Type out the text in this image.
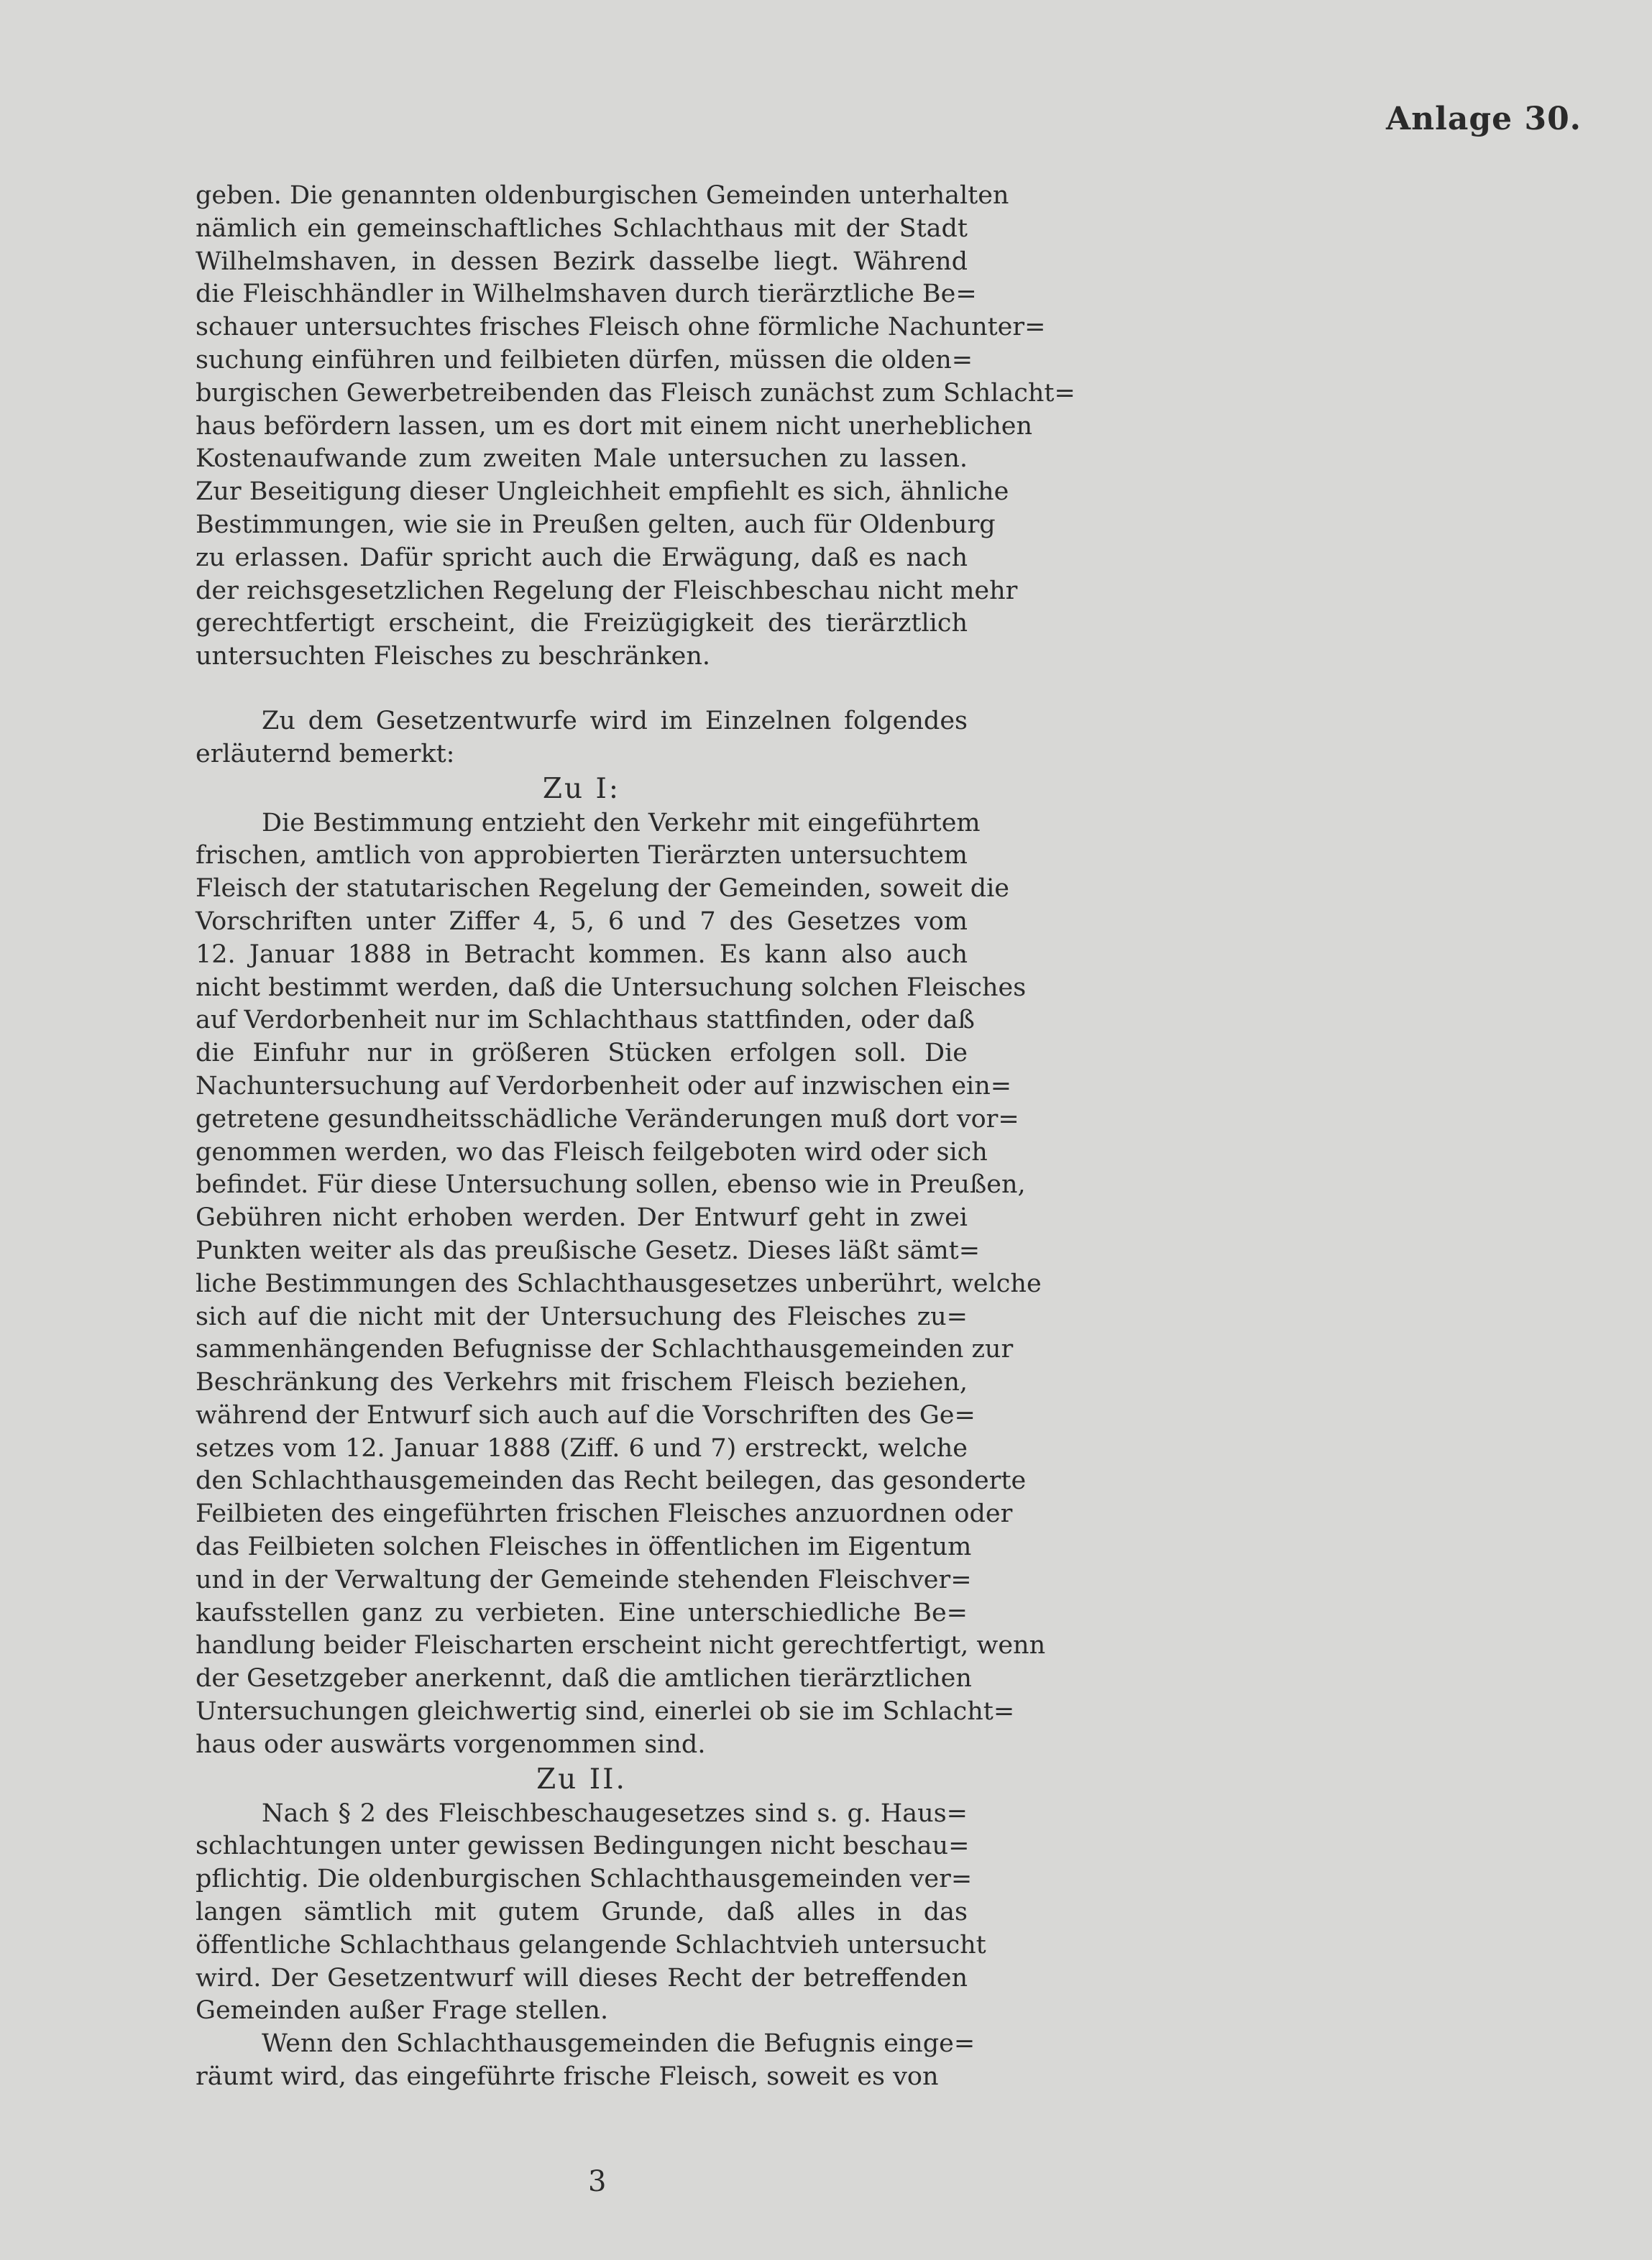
Anlage 30.
geben. Die genannten oldenburgischen Gemeinden unterhalten
nämlich ein gemeinschaftliches Schlachthaus mit der Stadt
Wilhelmshaven, in dessen Bezirk dasselbe liegt. Während
die Fleischhändler in Wilhelmshaven durch tierärztliche Be=
schauer untersuchtes frisches Fleisch ohne förmliche Nachunter=
suchung einführen und feilbieten dürfen, müssen die olden=
burgischen Gewerbetreibenden das Fleisch zunächst zum Schlacht=
haus befördern lassen, um es dort mit einem nicht unerheblichen
Kostenaufwande zum zweiten Male untersuchen zu lassen.
Zur Beseitigung dieser Ungleichheit empfiehlt es sich, ähnliche
Bestimmungen, wie sie in Preußen gelten, auch für Oldenburg
zu erlassen. Dafür spricht auch die Erwägung, daß es nach
der reichsgesetzlichen Regelung der Fleischbeschau nicht mehr
gerechtfertigt erscheint, die Freizügigkeit des tierärztlich
untersuchten Fleisches zu beschränken.
Zu dem Gesetzentwurfe wird im Einzelnen folgendes
erläuternd bemerkt:
Zu I:
Die Bestimmung entzieht den Verkehr mit eingeführtem
frischen, amtlich von approbierten Tierärzten untersuchtem
Fleisch der statutarischen Regelung der Gemeinden, soweit die
Vorschriften unter Ziffer 4, 5, 6 und 7 des Gesetzes vom
12. Januar 1888 in Betracht kommen. Es kann also auch
nicht bestimmt werden, daß die Untersuchung solchen Fleisches
auf Verdorbenheit nur im Schlachthaus stattfinden, oder daß
die Einfuhr nur in größeren Stücken erfolgen soll. Die
Nachuntersuchung auf Verdorbenheit oder auf inzwischen ein=
getretene gesundheitsschädliche Veränderungen muß dort vor=
genommen werden, wo das Fleisch feilgeboten wird oder sich
befindet. Für diese Untersuchung sollen, ebenso wie in Preußen,
Gebühren nicht erhoben werden. Der Entwurf geht in zwei
Punkten weiter als das preußische Gesetz. Dieses läßt sämt=
liche Bestimmungen des Schlachthausgesetzes unberührt, welche
sich auf die nicht mit der Untersuchung des Fleisches zu=
sammenhängenden Befugnisse der Schlachthausgemeinden zur
Beschränkung des Verkehrs mit frischem Fleisch beziehen,
während der Entwurf sich auch auf die Vorschriften des Ge=
setzes vom 12. Januar 1888 (Ziff. 6 und 7) erstreckt, welche
den Schlachthausgemeinden das Recht beilegen, das gesonderte
Feilbieten des eingeführten frischen Fleisches anzuordnen oder
das Feilbieten solchen Fleisches in öffentlichen im Eigentum
und in der Verwaltung der Gemeinde stehenden Fleischver=
kaufsstellen ganz zu verbieten. Eine unterschiedliche Be=
handlung beider Fleischarten erscheint nicht gerechtfertigt, wenn
der Gesetzgeber anerkennt, daß die amtlichen tierärztlichen
Untersuchungen gleichwertig sind, einerlei ob sie im Schlacht=
haus oder auswärts vorgenommen sind.
Zu II.
Nach § 2 des Fleischbeschaugesetzes sind s. g. Haus=
schlachtungen unter gewissen Bedingungen nicht beschau=
pflichtig. Die oldenburgischen Schlachthausgemeinden ver=
langen sämtlich mit gutem Grunde, daß alles in das
öffentliche Schlachthaus gelangende Schlachtvieh untersucht
wird. Der Gesetzentwurf will dieses Recht der betreffenden
Gemeinden außer Frage stellen.
Wenn den Schlachthausgemeinden die Befugnis einge=
räumt wird, das eingeführte frische Fleisch, soweit es von
3
